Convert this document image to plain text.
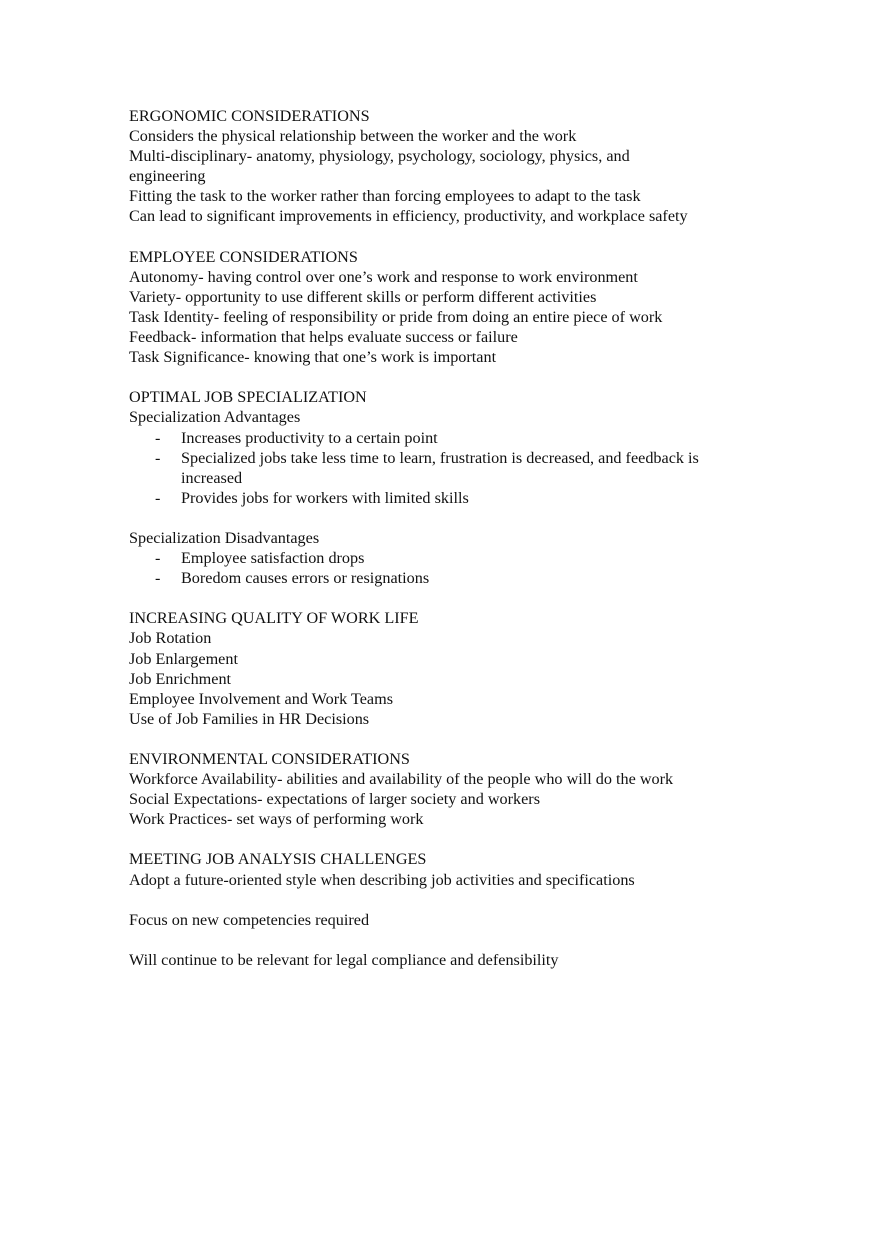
ERGONOMIC CONSIDERATIONS

Considers the physical relationship between the worker and the work

Multi-disciplinary- anatomy, physiology, psychology, sociology, physics, and engineering

Fitting the task to the worker rather than forcing employees to adapt to the task

Can lead to significant improvements in efficiency, productivity, and workplace safety

EMPLOYEE CONSIDERATIONS

Autonomy- having control over one’s work and response to work environment

Variety- opportunity to use different skills or perform different activities

Task Identity- feeling of responsibility or pride from doing an entire piece of work

Feedback- information that helps evaluate success or failure

Task Significance- knowing that one’s work is important

OPTIMAL JOB SPECIALIZATION

Specialization Advantages

- Increases productivity to a certain point
- Specialized jobs take less time to learn, frustration is decreased, and feedback is increased
- Provides jobs for workers with limited skills

Specialization Disadvantages

- Employee satisfaction drops
- Boredom causes errors or resignations

INCREASING QUALITY OF WORK LIFE

Job Rotation

Job Enlargement

Job Enrichment

Employee Involvement and Work Teams

Use of Job Families in HR Decisions

ENVIRONMENTAL CONSIDERATIONS

Workforce Availability- abilities and availability of the people who will do the work

Social Expectations- expectations of larger society and workers

Work Practices- set ways of performing work

MEETING JOB ANALYSIS CHALLENGES

Adopt a future-oriented style when describing job activities and specifications

Focus on new competencies required

Will continue to be relevant for legal compliance and defensibility
